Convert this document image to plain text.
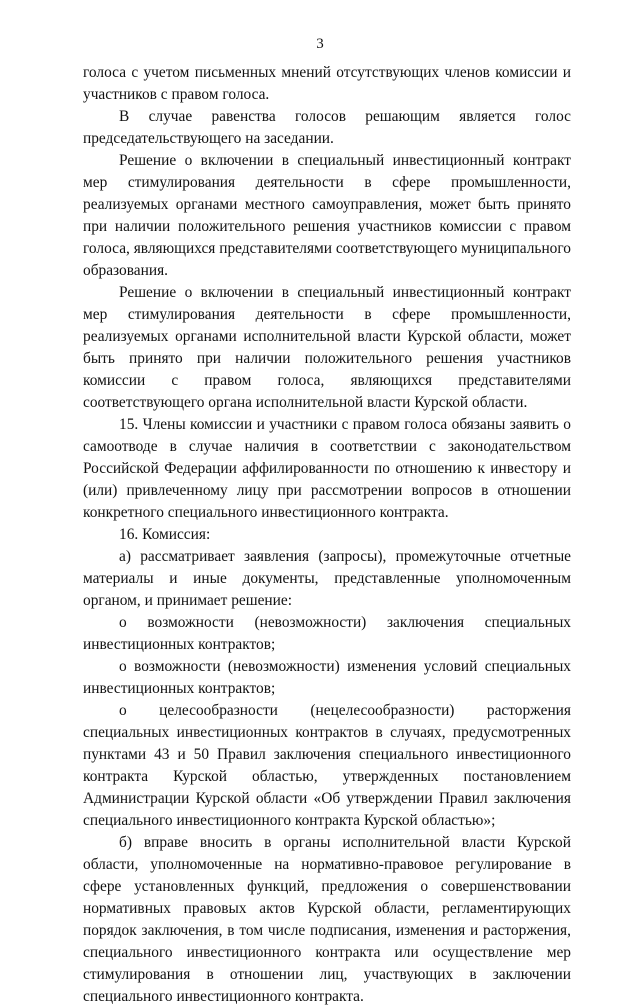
3

голоса с учетом письменных мнений отсутствующих членов комиссии и участников с правом голоса.

В случае равенства голосов решающим является голос председательствующего на заседании.

Решение о включении в специальный инвестиционный контракт мер стимулирования деятельности в сфере промышленности, реализуемых органами местного самоуправления, может быть принято при наличии положительного решения участников комиссии с правом голоса, являющихся представителями соответствующего муниципального образования.

Решение о включении в специальный инвестиционный контракт мер стимулирования деятельности в сфере промышленности, реализуемых органами исполнительной власти Курской области, может быть принято при наличии положительного решения участников комиссии с правом голоса, являющихся представителями соответствующего органа исполнительной власти Курской области.

15. Члены комиссии и участники с правом голоса обязаны заявить о самоотводе в случае наличия в соответствии с законодательством Российской Федерации аффилированности по отношению к инвестору и (или) привлеченному лицу при рассмотрении вопросов в отношении конкретного специального инвестиционного контракта.

16. Комиссия:

а) рассматривает заявления (запросы), промежуточные отчетные материалы и иные документы, представленные уполномоченным органом, и принимает решение:

о возможности (невозможности) заключения специальных инвестиционных контрактов;

о возможности (невозможности) изменения условий специальных инвестиционных контрактов;

о целесообразности (нецелесообразности) расторжения специальных инвестиционных контрактов в случаях, предусмотренных пунктами 43 и 50 Правил заключения специального инвестиционного контракта Курской областью, утвержденных постановлением Администрации Курской области «Об утверждении Правил заключения специального инвестиционного контракта Курской областью»;

б) вправе вносить в органы исполнительной власти Курской области, уполномоченные на нормативно-правовое регулирование в сфере установленных функций, предложения о совершенствовании нормативных правовых актов Курской области, регламентирующих порядок заключения, в том числе подписания, изменения и расторжения, специального инвестиционного контракта или осуществление мер стимулирования в отношении лиц, участвующих в заключении специального инвестиционного контракта.
